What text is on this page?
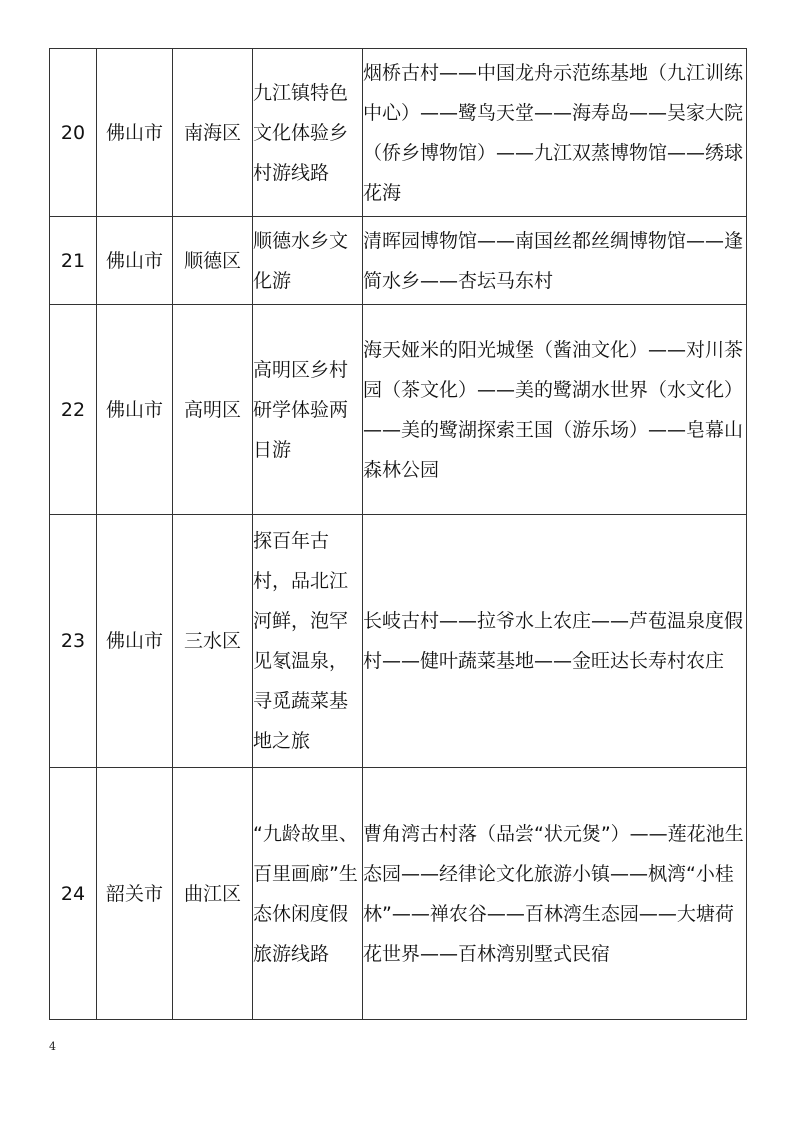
20	佛山市	南海区	九江镇特色文化体验乡村游线路	烟桥古村——中国龙舟示范练基地（九江训练中心）——鹭鸟天堂——海寿岛——吴家大院（侨乡博物馆）——九江双蒸博物馆——绣球花海

21	佛山市	顺德区	顺德水乡文化游	清晖园博物馆——南国丝都丝绸博物馆——逢简水乡——杏坛马东村

22	佛山市	高明区	高明区乡村研学体验两日游	海天娅米的阳光城堡（酱油文化）——对川茶园（茶文化）——美的鹭湖水世界（水文化）——美的鹭湖探索王国（游乐场）——皂幕山森林公园

23	佛山市	三水区	探百年古村，品北江河鲜，泡罕见氡温泉，寻觅蔬菜基地之旅	长岐古村——拉爷水上农庄——芦苞温泉度假村——健叶蔬菜基地——金旺达长寿村农庄

24	韶关市	曲江区	“九龄故里、百里画廊”生态休闲度假旅游线路	曹角湾古村落（品尝“状元煲”）——莲花池生态园——经律论文化旅游小镇——枫湾“小桂林”——禅农谷——百林湾生态园——大塘荷花世界——百林湾别墅式民宿
4
